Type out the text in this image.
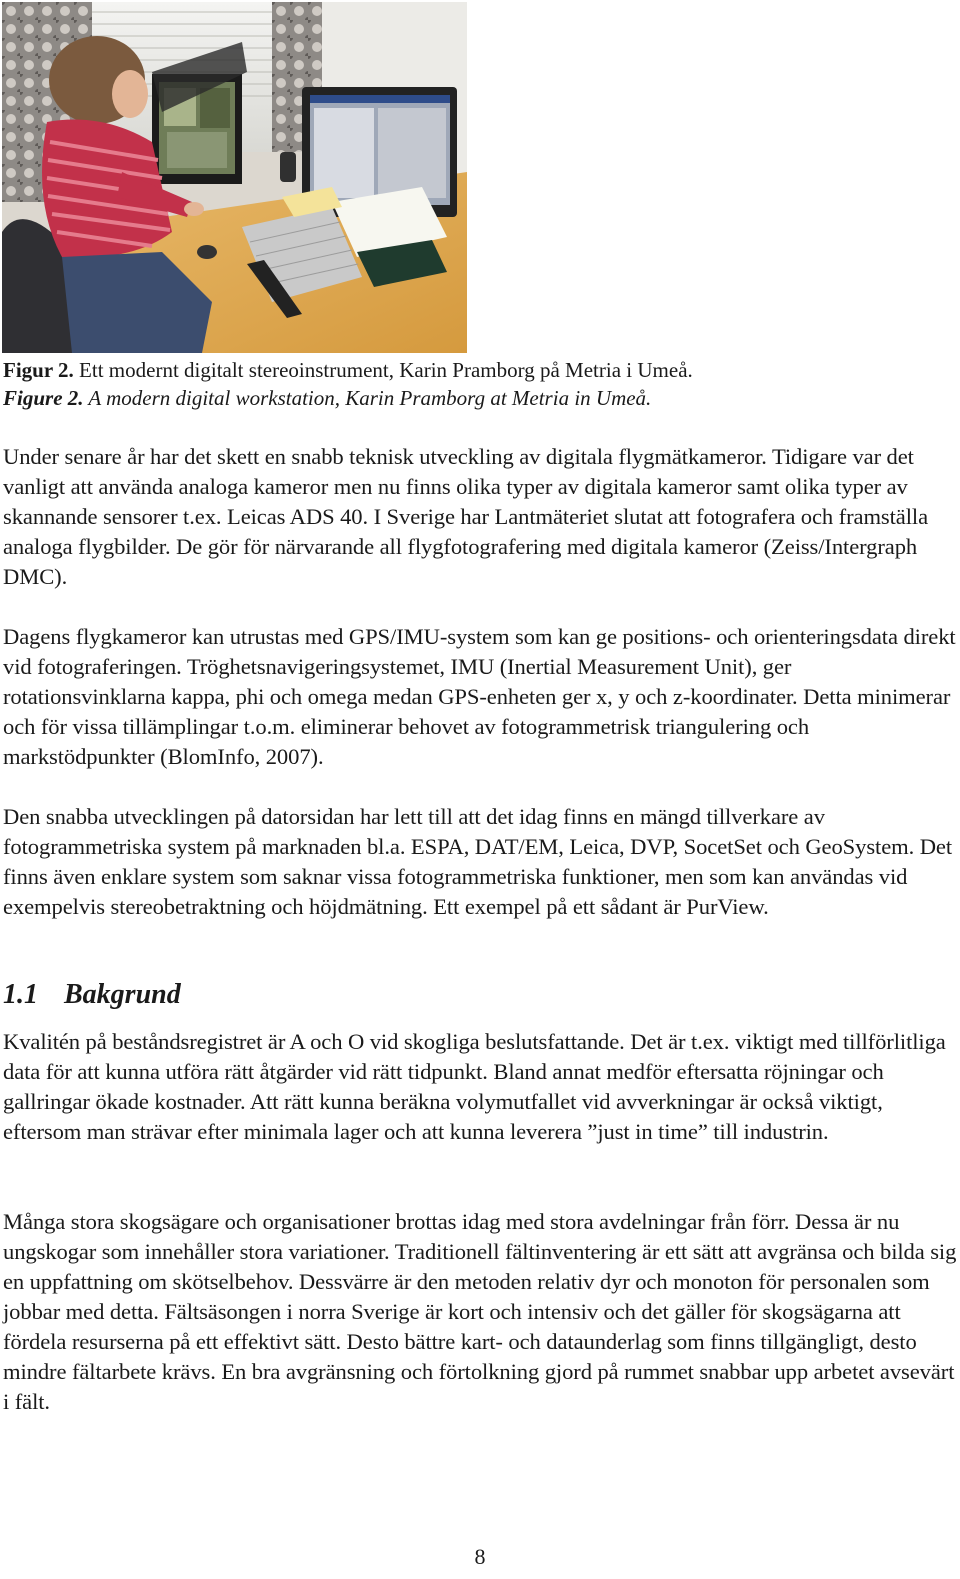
Figur 2. Ett modernt digitalt stereoinstrument, Karin Pramborg på Metria i Umeå.
Figure 2. A modern digital workstation, Karin Pramborg at Metria in Umeå.

Under senare år har det skett en snabb teknisk utveckling av digitala flygmätkameror. Tidigare var det vanligt att använda analoga kameror men nu finns olika typer av digitala kameror samt olika typer av skannande sensorer t.ex. Leicas ADS 40. I Sverige har Lantmäteriet slutat att fotografera och framställa analoga flygbilder. De gör för närvarande all flygfotografering med digitala kameror (Zeiss/Intergraph DMC).

Dagens flygkameror kan utrustas med GPS/IMU-system som kan ge positions- och orienteringsdata direkt vid fotograferingen. Tröghetsnavigeringsystemet, IMU (Inertial Measurement Unit), ger rotationsvinklarna kappa, phi och omega medan GPS-enheten ger x, y och z-koordinater. Detta minimerar och för vissa tillämplingar t.o.m. eliminerar behovet av fotogrammetrisk triangulering och markstödpunkter (BlomInfo, 2007).

Den snabba utvecklingen på datorsidan har lett till att det idag finns en mängd tillverkare av fotogrammetriska system på marknaden bl.a. ESPA, DAT/EM, Leica, DVP, SocetSet och GeoSystem. Det finns även enklare system som saknar vissa fotogrammetriska funktioner, men som kan användas vid exempelvis stereobetraktning och höjdmätning. Ett exempel på ett sådant är PurView.

1.1 Bakgrund

Kvalitén på beståndsregistret är A och O vid skogliga beslutsfattande. Det är t.ex. viktigt med tillförlitliga data för att kunna utföra rätt åtgärder vid rätt tidpunkt. Bland annat medför eftersatta röjningar och gallringar ökade kostnader. Att rätt kunna beräkna volymutfallet vid avverkningar är också viktigt, eftersom man strävar efter minimala lager och att kunna leverera ”just in time” till industrin.

Många stora skogsägare och organisationer brottas idag med stora avdelningar från förr. Dessa är nu ungskogar som innehåller stora variationer. Traditionell fältinventering är ett sätt att avgränsa och bilda sig en uppfattning om skötselbehov. Dessvärre är den metoden relativ dyr och monoton för personalen som jobbar med detta. Fältsäsongen i norra Sverige är kort och intensiv och det gäller för skogsägarna att fördela resurserna på ett effektivt sätt. Desto bättre kart- och dataunderlag som finns tillgängligt, desto mindre fältarbete krävs. En bra avgränsning och förtolkning gjord på rummet snabbar upp arbetet avsevärt i fält.

8
